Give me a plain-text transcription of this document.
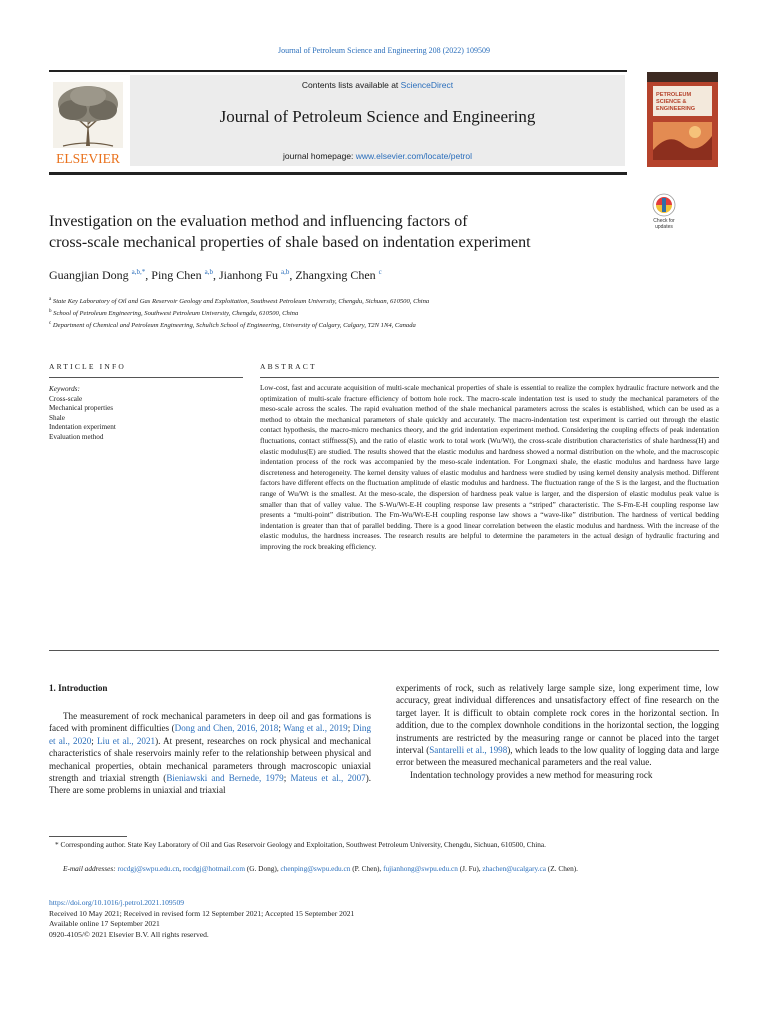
Journal of Petroleum Science and Engineering 208 (2022) 109509
ELSEVIER
Contents lists available at ScienceDirect
Journal of Petroleum Science and Engineering
journal homepage: www.elsevier.com/locate/petrol
PETROLEUM
SCIENCE &
ENGINEERING
Check for
updates
Investigation on the evaluation method and influencing factors of
cross-scale mechanical properties of shale based on indentation experiment
Guangjian Dong $^{a,b,*}$, Ping Chen $^{a,b}$, Jianhong Fu $^{a,b}$, Zhangxing Chen $^c$
$^a$ State Key Laboratory of Oil and Gas Reservoir Geology and Exploitation, Southwest Petroleum University, Chengdu, Sichuan, 610500, China
$^b$ School of Petroleum Engineering, Southwest Petroleum University, Chengdu, 610500, China
$^c$ Department of Chemical and Petroleum Engineering, Schulich School of Engineering, University of Calgary, Calgary, T2N 1N4, Canada
ARTICLE INFO
Keywords:
Cross-scale
Mechanical properties
Shale
Indentation experiment
Evaluation method
ABSTRACT
Low-cost, fast and accurate acquisition of multi-scale mechanical properties of shale is essential to realize the complex hydraulic fracture network and the optimization of multi-scale fracture efficiency of bottom hole rock. The macro-scale indentation test is used to study the mechanical parameters of the meso-scale across the scales. The rapid evaluation method of the shale mechanical parameters across the scales is established, which can be used as a method to obtain the mechanical parameters of shale quickly and accurately. The macro-indentation test experiment is carried out through the elastic contact hypothesis, the macro-micro mechanics theory, and the grid indentation experiment method. Considering the coupling effects of peak indentation fluctuations, contact stiffness(S), and the ratio of elastic work to total work (Wu/Wt), the cross-scale distribution characteristics of shale hardness(H) and elastic modulus(E) are studied. The results showed that the elastic modulus and hardness showed a normal distribution on the whole, and the macroscopic indentation process of the rock was accompanied by the meso-scale indentation. For Longmaxi shale, the elastic modulus and hardness have large discreteness and heterogeneity. The kernel density values of elastic modulus and hardness were studied by using kernel density analysis method. Different factors have different effects on the fluctuation amplitude of elastic modulus and hardness. The fluctuation range of the S is the largest, and the fluctuation range of Wu/Wt is the smallest. At the meso-scale, the dispersion of hardness peak value is larger, and the dispersion of elastic modulus peak value is smaller than that of valley value. The S-Wu/Wt-E-H coupling response law presents a “striped” characteristic. The S-Fm-E-H coupling response law presents a “multi-point” distribution. The Fm-Wu/Wt-E-H coupling response law shows a “wave-like” distribution. The hardness of vertical bedding indentation is greater than that of parallel bedding. There is a good linear correlation between the elastic modulus and hardness. With the increase of the elastic modulus, the hardness increases. The research results are helpful to determine the parameters in the actual design of hydraulic fracturing and improving the rock breaking efficiency.
1. Introduction
The measurement of rock mechanical parameters in deep oil and gas formations is faced with prominent difficulties (Dong and Chen, 2016, 2018; Wang et al., 2019; Ding et al., 2020; Liu et al., 2021). At present, researches on rock physical and mechanical characteristics of shale reservoirs mainly refer to the relationship between physical and mechanical properties, obtain mechanical parameters through macroscopic uniaxial strength and triaxial strength (Bieniawski and Bernede, 1979; Mateus et al., 2007). There are some problems in uniaxial and triaxial
experiments of rock, such as relatively large sample size, long experiment time, low accuracy, great individual differences and unsatisfactory effect of fine research on the target layer. It is difficult to obtain complete rock cores in the horizontal section. In addition, due to the complex downhole conditions in the horizontal section, the logging instruments are restricted by the measuring range or cannot be placed into the target interval (Santarelli et al., 1998), which leads to the low quality of logging data and large error between the measured mechanical parameters and the real value.
Indentation technology provides a new method for measuring rock
* Corresponding author. State Key Laboratory of Oil and Gas Reservoir Geology and Exploitation, Southwest Petroleum University, Chengdu, Sichuan, 610500, China.
E-mail addresses: rocdgj@swpu.edu.cn, rocdgj@hotmail.com (G. Dong), chenping@swpu.edu.cn (P. Chen), fujianhong@swpu.edu.cn (J. Fu), zhachen@ucalgary.ca (Z. Chen).
https://doi.org/10.1016/j.petrol.2021.109509
Received 10 May 2021; Received in revised form 12 September 2021; Accepted 15 September 2021
Available online 17 September 2021
0920-4105/© 2021 Elsevier B.V. All rights reserved.
